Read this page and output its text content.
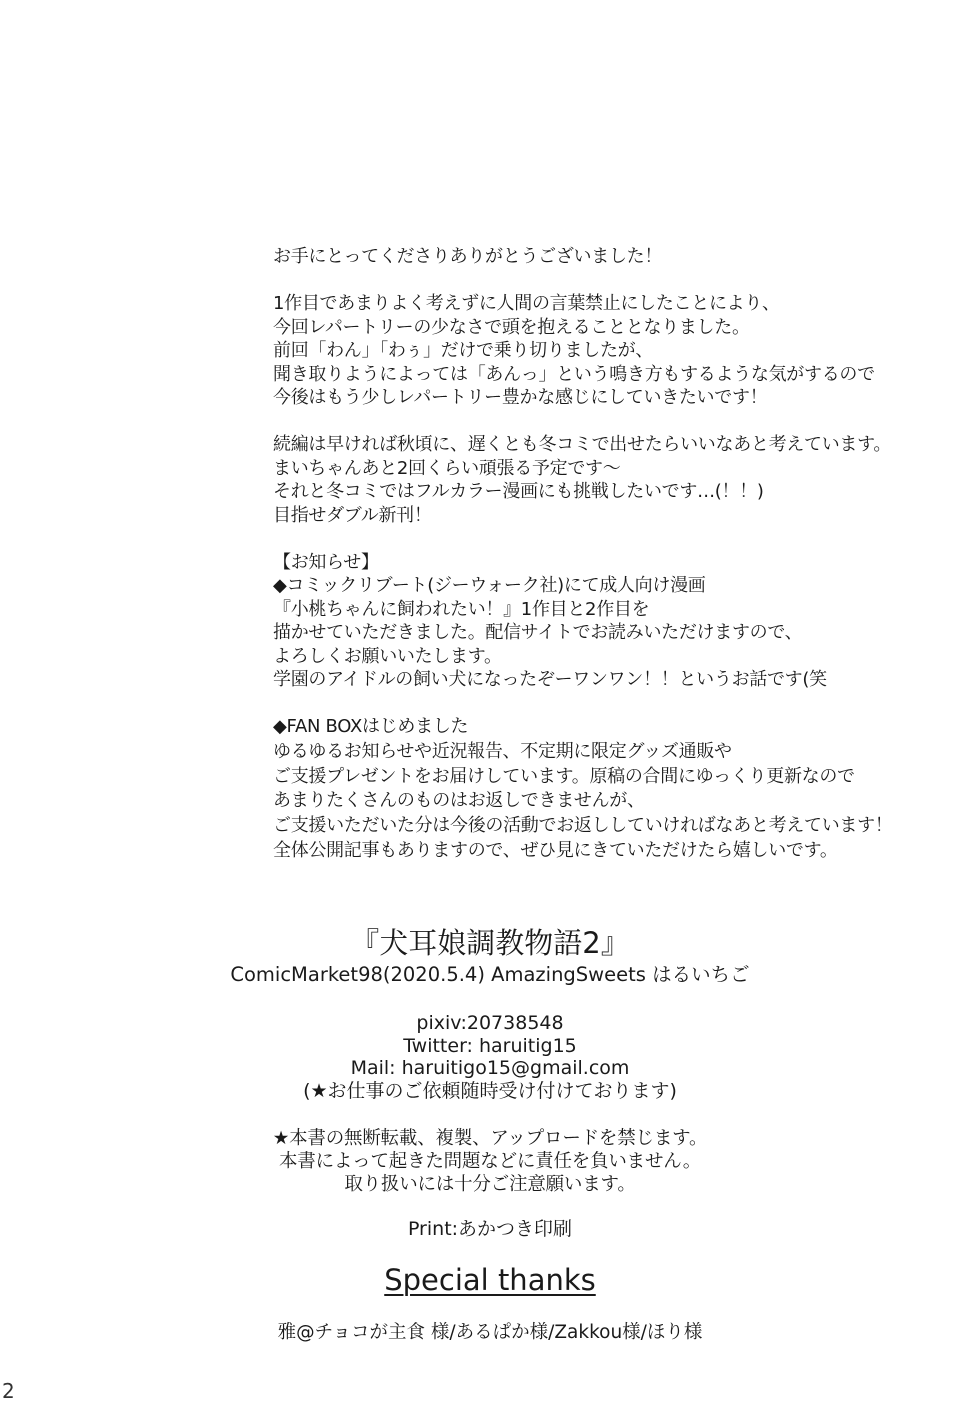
お手にとってくださりありがとうございました！
1作目であまりよく考えずに人間の言葉禁止にしたことにより、
今回レパートリーの少なさで頭を抱えることとなりました。
前回「わん」「わぅ」だけで乗り切りましたが、
聞き取りようによっては「あんっ」という鳴き方もするような気がするので
今後はもう少しレパートリー豊かな感じにしていきたいです！
続編は早ければ秋頃に、遅くとも冬コミで出せたらいいなあと考えています。
まいちゃんあと2回くらい頑張る予定です～
それと冬コミではフルカラー漫画にも挑戦したいです…(！！)
目指せダブル新刊！
【お知らせ】
◆コミックリブート(ジーウォーク社)にて成人向け漫画
『小桃ちゃんに飼われたい！』1作目と2作目を
描かせていただきました。配信サイトでお読みいただけますので、
よろしくお願いいたします。
学園のアイドルの飼い犬になったぞーワンワン！！というお話です(笑
◆FAN BOXはじめました
ゆるゆるお知らせや近況報告、不定期に限定グッズ通販や
ご支援プレゼントをお届けしています。原稿の合間にゆっくり更新なので
あまりたくさんのものはお返しできませんが、
ご支援いただいた分は今後の活動でお返ししていければなあと考えています！
全体公開記事もありますので、ぜひ見にきていただけたら嬉しいです。
『犬耳娘調教物語2』
ComicMarket98(2020.5.4) AmazingSweets はるいちご
pixiv:20738548
Twitter: haruitig15
Mail: haruitigo15@gmail.com
(★お仕事のご依頼随時受け付けております)
★本書の無断転載、複製、アップロードを禁じます。
本書によって起きた問題などに責任を負いません。
取り扱いには十分ご注意願います。
Print:あかつき印刷
Special thanks
雅@チョコが主食 様/あるぱか様/Zakkou様/ほり様
2
